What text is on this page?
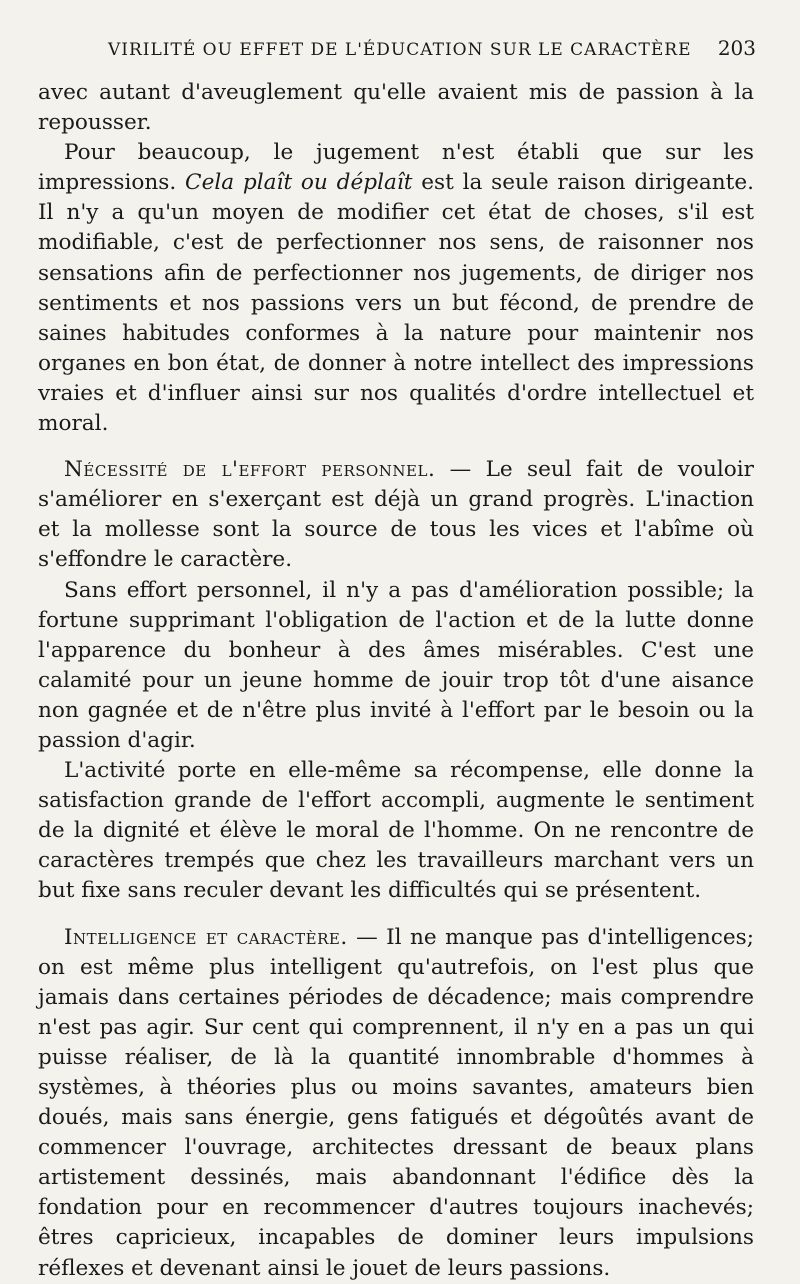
VIRILITÉ OU EFFET DE L'ÉDUCATION SUR LE CARACTÈRE 203

avec autant d'aveuglement qu'elle avaient mis de passion à la repousser.

Pour beaucoup, le jugement n'est établi que sur les impressions. Cela plaît ou déplaît est la seule raison dirigeante. Il n'y a qu'un moyen de modifier cet état de choses, s'il est modifiable, c'est de perfectionner nos sens, de raisonner nos sensations afin de perfectionner nos jugements, de diriger nos sentiments et nos passions vers un but fécond, de prendre de saines habitudes conformes à la nature pour maintenir nos organes en bon état, de donner à notre intellect des impressions vraies et d'influer ainsi sur nos qualités d'ordre intellectuel et moral.

Nécessité de l'effort personnel. — Le seul fait de vouloir s'améliorer en s'exerçant est déjà un grand progrès. L'inaction et la mollesse sont la source de tous les vices et l'abîme où s'effondre le caractère.

Sans effort personnel, il n'y a pas d'amélioration possible; la fortune supprimant l'obligation de l'action et de la lutte donne l'apparence du bonheur à des âmes misérables. C'est une calamité pour un jeune homme de jouir trop tôt d'une aisance non gagnée et de n'être plus invité à l'effort par le besoin ou la passion d'agir.

L'activité porte en elle-même sa récompense, elle donne la satisfaction grande de l'effort accompli, augmente le sentiment de la dignité et élève le moral de l'homme. On ne rencontre de caractères trempés que chez les travailleurs marchant vers un but fixe sans reculer devant les difficultés qui se présentent.

Intelligence et caractère. — Il ne manque pas d'intelligences; on est même plus intelligent qu'autrefois, on l'est plus que jamais dans certaines périodes de décadence; mais comprendre n'est pas agir. Sur cent qui comprennent, il n'y en a pas un qui puisse réaliser, de là la quantité innombrable d'hommes à systèmes, à théories plus ou moins savantes, amateurs bien doués, mais sans énergie, gens fatigués et dégoûtés avant de commencer l'ouvrage, architectes dressant de beaux plans artistement dessinés, mais abandonnant l'édifice dès la fondation pour en recommencer d'autres toujours inachevés; êtres capricieux, incapables de dominer leurs impulsions réflexes et devenant ainsi le jouet de leurs passions.
